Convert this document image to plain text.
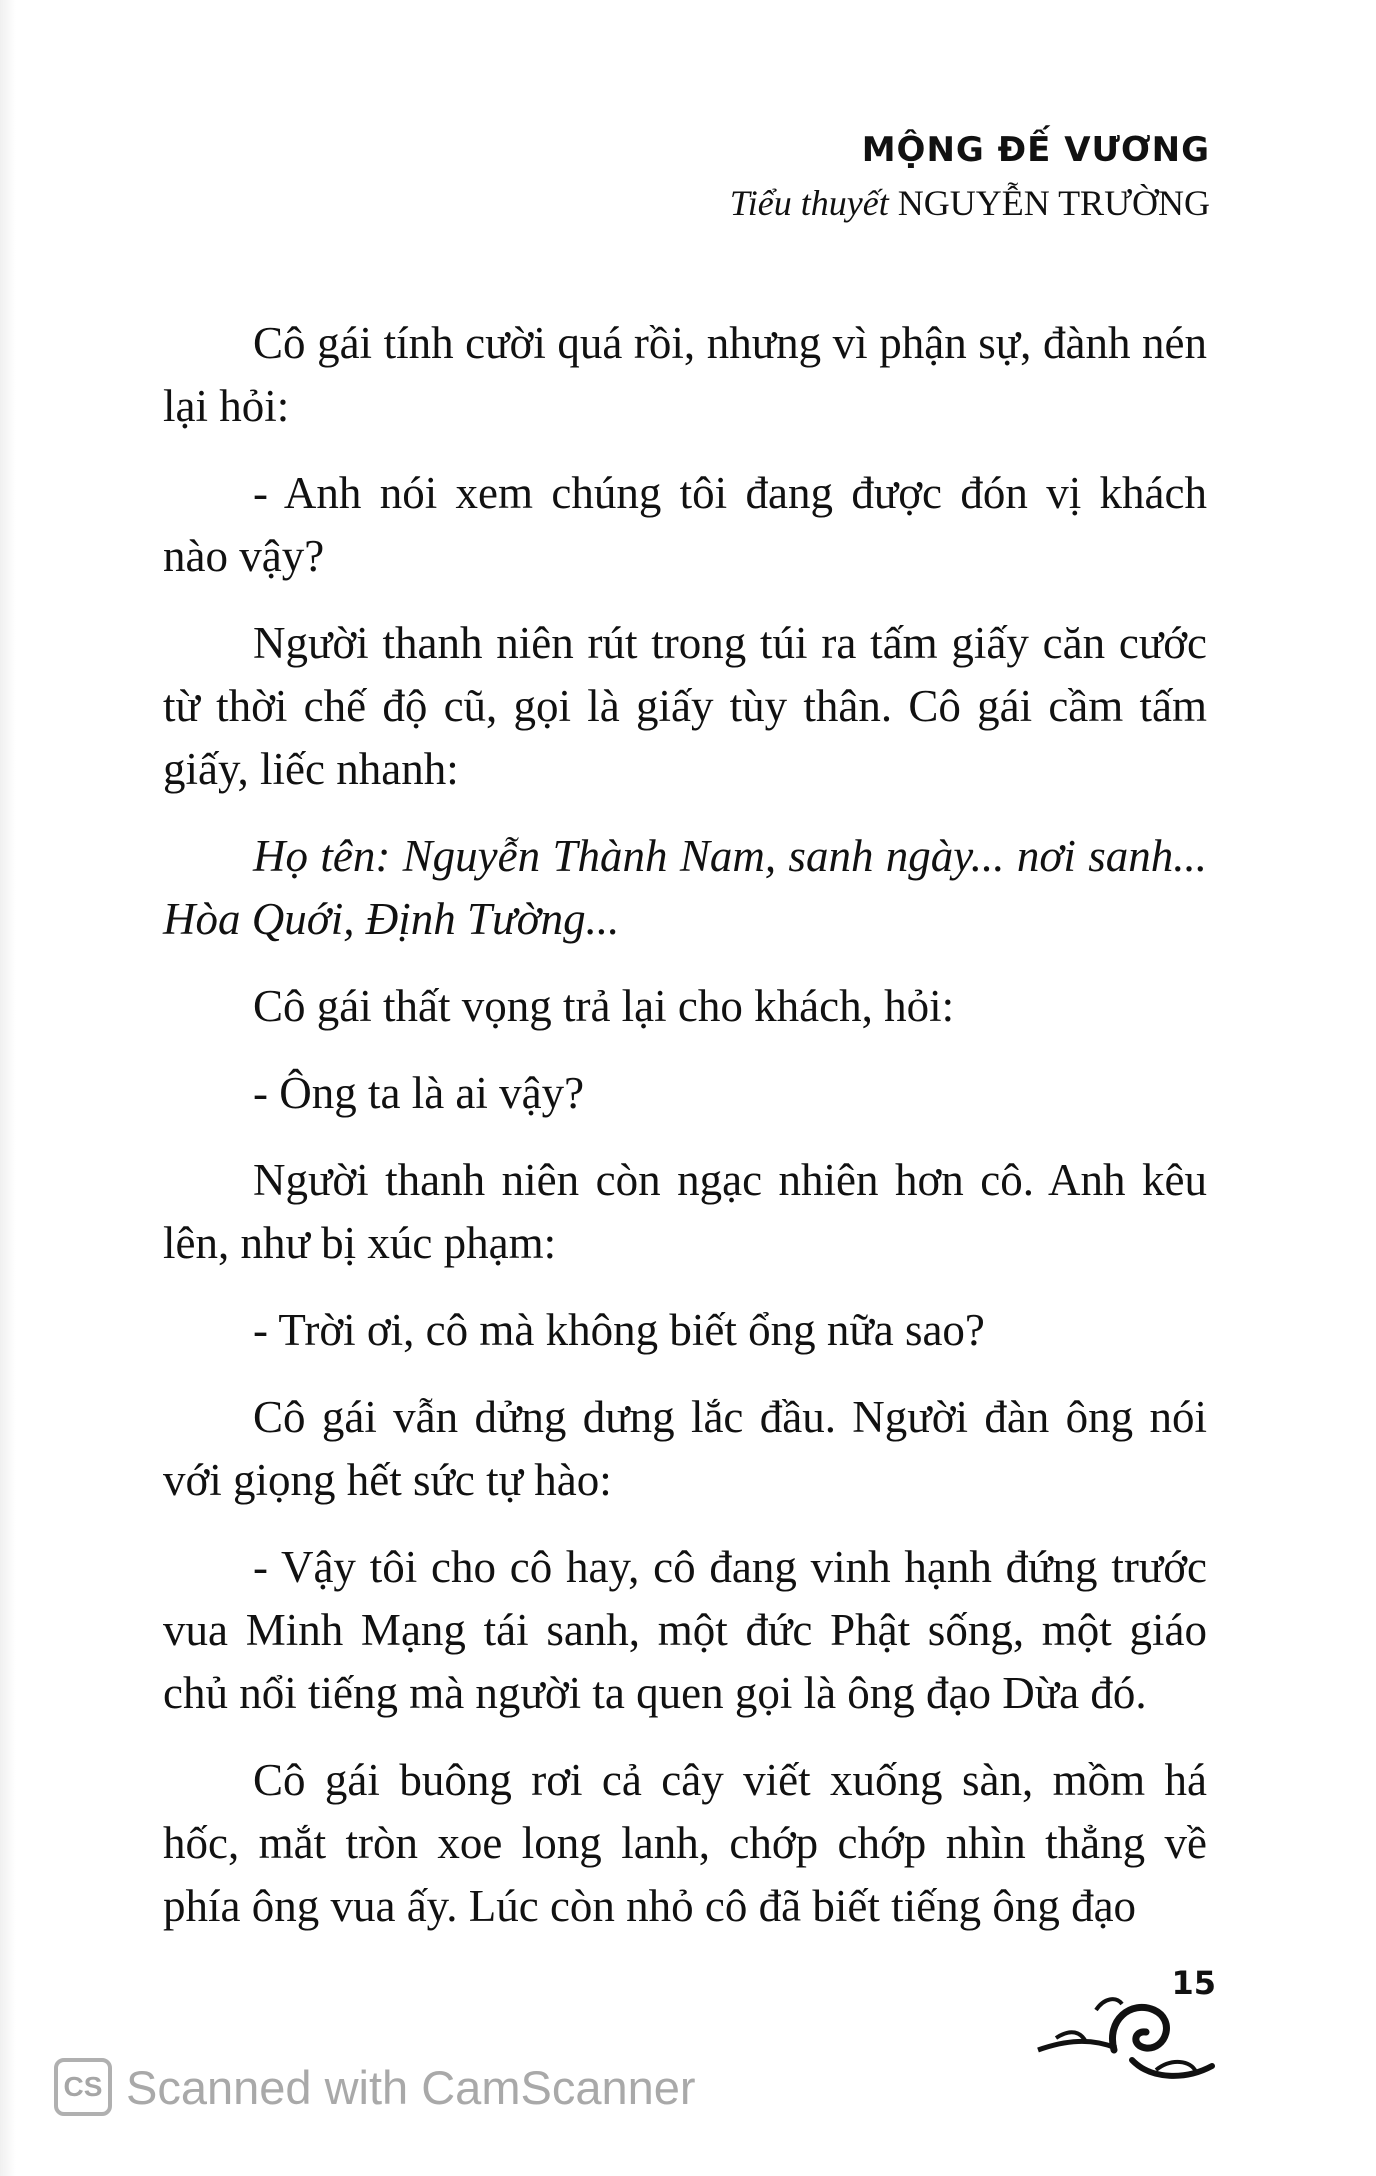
MỘNG ĐẾ VƯƠNG
Tiểu thuyết NGUYỄN TRƯỜNG

Cô gái tính cười quá rồi, nhưng vì phận sự, đành nén lại hỏi:

- Anh nói xem chúng tôi đang được đón vị khách nào vậy?

Người thanh niên rút trong túi ra tấm giấy căn cước từ thời chế độ cũ, gọi là giấy tùy thân. Cô gái cầm tấm giấy, liếc nhanh:

Họ tên: Nguyễn Thành Nam, sanh ngày... nơi sanh... Hòa Quới, Định Tường...

Cô gái thất vọng trả lại cho khách, hỏi:

- Ông ta là ai vậy?

Người thanh niên còn ngạc nhiên hơn cô. Anh kêu lên, như bị xúc phạm:

- Trời ơi, cô mà không biết ổng nữa sao?

Cô gái vẫn dửng dưng lắc đầu. Người đàn ông nói với giọng hết sức tự hào:

- Vậy tôi cho cô hay, cô đang vinh hạnh đứng trước vua Minh Mạng tái sanh, một đức Phật sống, một giáo chủ nổi tiếng mà người ta quen gọi là ông đạo Dừa đó.

Cô gái buông rơi cả cây viết xuống sàn, mồm há hốc, mắt tròn xoe long lanh, chớp chớp nhìn thẳng về phía ông vua ấy. Lúc còn nhỏ cô đã biết tiếng ông đạo

15
CS Scanned with CamScanner
